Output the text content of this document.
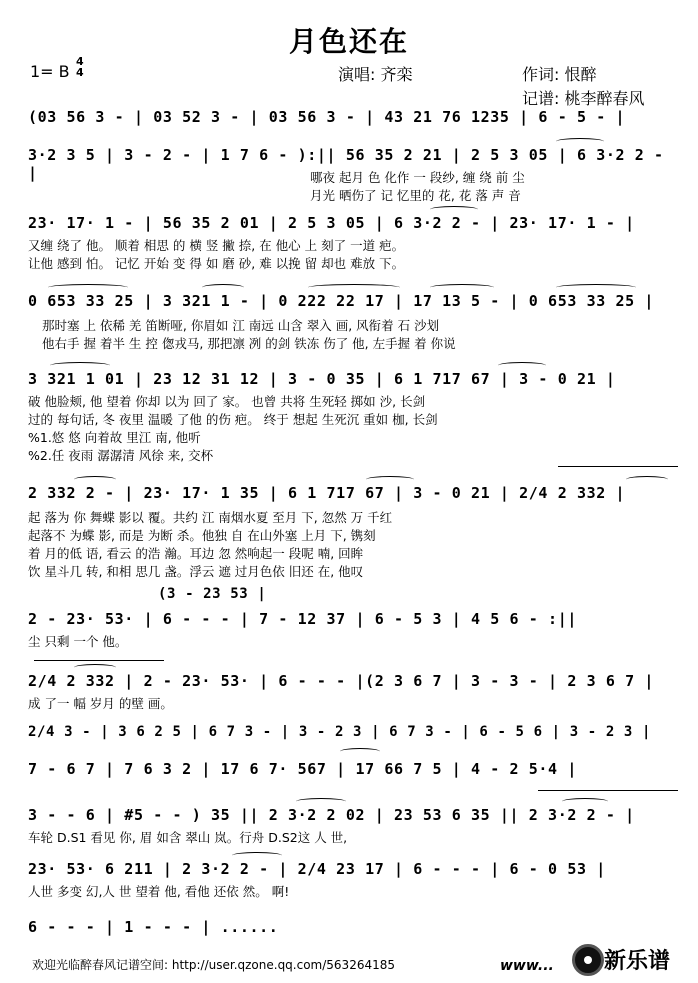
月色还在
1= B
4
4	演唱: 齐栾	作词: 恨醉
记谱: 桃李醉春风
(03 56 3 - | 03 52 3 - | 03 56 3 - | 43 21 76 1235 | 6 - 5 - |
3·2 3 5 | 3 - 2 - | 1 7 6 - ):|| 56 35 2 21 | 2 5 3 05 | 6 3·2 2 - |	哪夜 起月 色 化作 一 段纱, 缠 绕 前 尘
月光 晒伤了 记 忆里的 花, 花 落 声 音
23· 17· 1 - | 56 35 2 01 | 2 5 3 05 | 6 3·2 2 - | 23· 17· 1 - |
又缠 绕了 他。 顺着 相思 的 横 竖 撇 捺, 在 他心 上 刻了 一道 疤。
让他 感到 怕。 记忆 开始 变 得 如 磨 砂, 难 以挽 留 却也 难放 下。
0 653 33 25 | 3 321 1 - | 0 222 22 17 | 17 13 5 - | 0 653 33 25 |
那时塞 上 依稀 羌 笛断哑, 你眉如 江 南远 山含 翠入 画, 风衔着 石 沙划
他右手 握 着半 生 控 偬戎马, 那把凛 冽 的剑 铁冻 伤了 他, 左手握 着 你说
3 321 1 01 | 23 12 31 12 | 3 - 0 35 | 6 1 717 67 | 3 - 0 21 |
破 他脸颊, 他 望着 你却 以为 回了 家。 也曾 共将 生死轻 掷如 沙, 长剑
过的 每句话, 冬 夜里 温暖 了他 的伤 疤。 终于 想起 生死沉 重如 枷, 长剑
%1.悠 悠 向着故 里江 南, 他听
%2.任 夜雨 潺潺清 风徐 来, 交杯
2 332 2 - | 23· 17· 1 35 | 6 1 717 67 | 3 - 0 21 | 2/4 2 332 |
起 落为 你 舞蝶 影以 覆。共约 江 南烟水夏 至月 下, 忽然 万 千红
起落不 为蝶 影, 而是 为断 杀。他独 自 在山外塞 上月 下, 镌刻
着 月的低 语, 看云 的浩 瀚。耳边 忽 然响起一 段呢 喃, 回眸
饮 星斗几 转, 和相 思几 盏。浮云 遮 过月色依 旧还 在, 他叹
(3 - 23 53 |
2 - 23· 53· | 6 - - - | 7 - 12 37 | 6 - 5 3 | 4 5 6 - :||
尘 只剩 一个 他。
2/4 2 332 | 2 - 23· 53· | 6 - - - |(2 3 6 7 | 3 - 3 - | 2 3 6 7 |
成 了一 幅 岁月 的壁 画。
2/4 3 - | 3 6 2 5 | 6 7 3 - | 3 - 2 3 | 6 7 3 - | 6 - 5 6 | 3 - 2 3 |
7 - 6 7 | 7 6 3 2 | 17 6 7· 567 | 17 66 7 5 | 4 - 2 5·4 |
3 - - 6 | #5 - - ) 35 || 2 3·2 2 02 | 23 53 6 35 || 2 3·2 2 - |
车轮 D.S1 看见 你, 眉 如含 翠山 岚。行舟 D.S2这 人 世,
23· 53· 6 211 | 2 3·2 2 - | 2/4 23 17 | 6 - - - | 6 - 0 53 |
人世 多变 幻,人 世 望着 他, 看他 还依 然。 啊!
6 - - - | 1 - - - | ......
欢迎光临醉春风记谱空间: http://user.qzone.qq.com/563264185	www... 新乐谱
